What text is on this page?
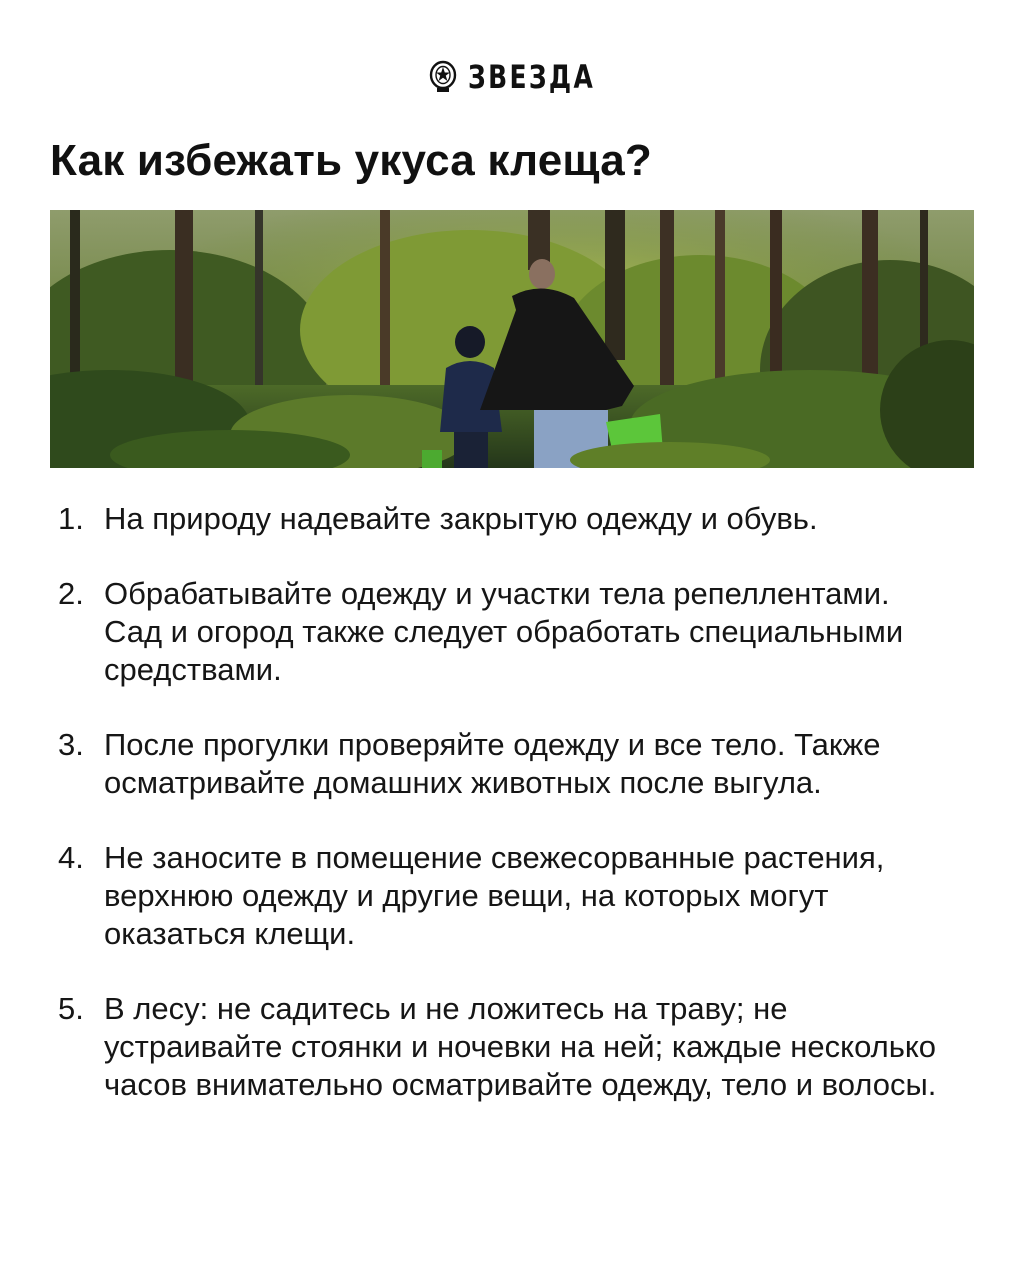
ЗВЕЗДА
Как избежать укуса клеща?
1. На природу надевайте закрытую одежду и обувь.
2. Обрабатывайте одежду и участки тела репеллентами. Сад и огород также следует обработать специальными средствами.
3. После прогулки проверяйте одежду и все тело. Также осматривайте домашних животных после выгула.
4. Не заносите в помещение свежесорванные растения, верхнюю одежду и другие вещи, на которых могут оказаться клещи.
5. В лесу: не садитесь и не ложитесь на траву; не устраивайте стоянки и ночевки на ней; каждые несколько часов внимательно осматривайте одежду, тело и волосы.
